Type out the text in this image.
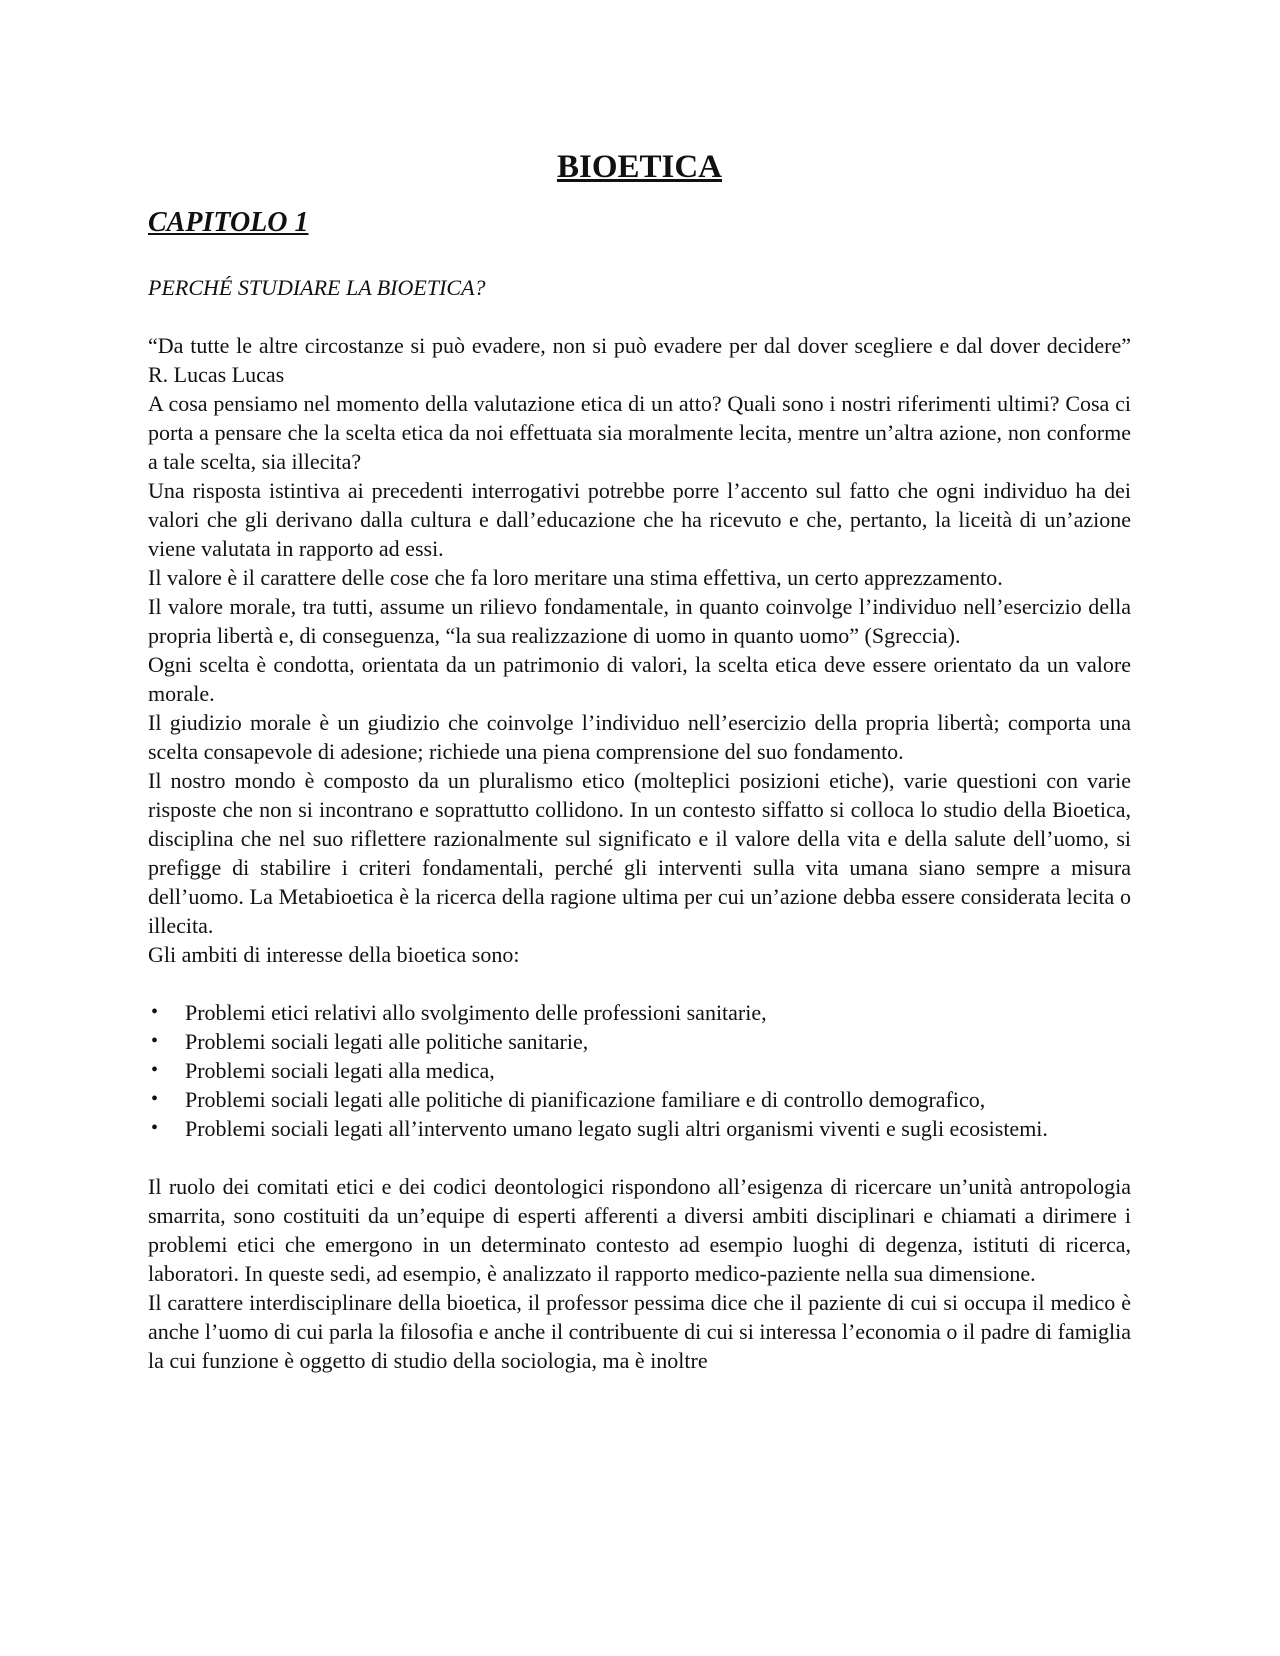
BIOETICA
CAPITOLO 1

PERCHÉ STUDIARE LA BIOETICA?

“Da tutte le altre circostanze si può evadere, non si può evadere per dal dover scegliere e dal dover decidere” R. Lucas Lucas

A cosa pensiamo nel momento della valutazione etica di un atto? Quali sono i nostri riferimenti ultimi? Cosa ci porta a pensare che la scelta etica da noi effettuata sia moralmente lecita, mentre un’altra azione, non conforme a tale scelta, sia illecita?

Una risposta istintiva ai precedenti interrogativi potrebbe porre l’accento sul fatto che ogni individuo ha dei valori che gli derivano dalla cultura e dall’educazione che ha ricevuto e che, pertanto, la liceità di un’azione viene valutata in rapporto ad essi.

Il valore è il carattere delle cose che fa loro meritare una stima effettiva, un certo apprezzamento.

Il valore morale, tra tutti, assume un rilievo fondamentale, in quanto coinvolge l’individuo nell’esercizio della propria libertà e, di conseguenza, “la sua realizzazione di uomo in quanto uomo” (Sgreccia).

Ogni scelta è condotta, orientata da un patrimonio di valori, la scelta etica deve essere orientato da un valore morale.

Il giudizio morale è un giudizio che coinvolge l’individuo nell’esercizio della propria libertà; comporta una scelta consapevole di adesione; richiede una piena comprensione del suo fondamento.

Il nostro mondo è composto da un pluralismo etico (molteplici posizioni etiche), varie questioni con varie risposte che non si incontrano e soprattutto collidono. In un contesto siffatto si colloca lo studio della Bioetica, disciplina che nel suo riflettere razionalmente sul significato e il valore della vita e della salute dell’uomo, si prefigge di stabilire i criteri fondamentali, perché gli interventi sulla vita umana siano sempre a misura dell’uomo. La Metabioetica è la ricerca della ragione ultima per cui un’azione debba essere considerata lecita o illecita.

Gli ambiti di interesse della bioetica sono:

• Problemi etici relativi allo svolgimento delle professioni sanitarie,
• Problemi sociali legati alle politiche sanitarie,
• Problemi sociali legati alla medica,
• Problemi sociali legati alle politiche di pianificazione familiare e di controllo demografico,
• Problemi sociali legati all’intervento umano legato sugli altri organismi viventi e sugli ecosistemi.

Il ruolo dei comitati etici e dei codici deontologici rispondono all’esigenza di ricercare un’unità antropologia smarrita, sono costituiti da un’equipe di esperti afferenti a diversi ambiti disciplinari e chiamati a dirimere i problemi etici che emergono in un determinato contesto ad esempio luoghi di degenza, istituti di ricerca, laboratori. In queste sedi, ad esempio, è analizzato il rapporto medico-paziente nella sua dimensione.

Il carattere interdisciplinare della bioetica, il professor pessima dice che il paziente di cui si occupa il medico è anche l’uomo di cui parla la filosofia e anche il contribuente di cui si interessa l’economia o il padre di famiglia la cui funzione è oggetto di studio della sociologia, ma è inoltre
